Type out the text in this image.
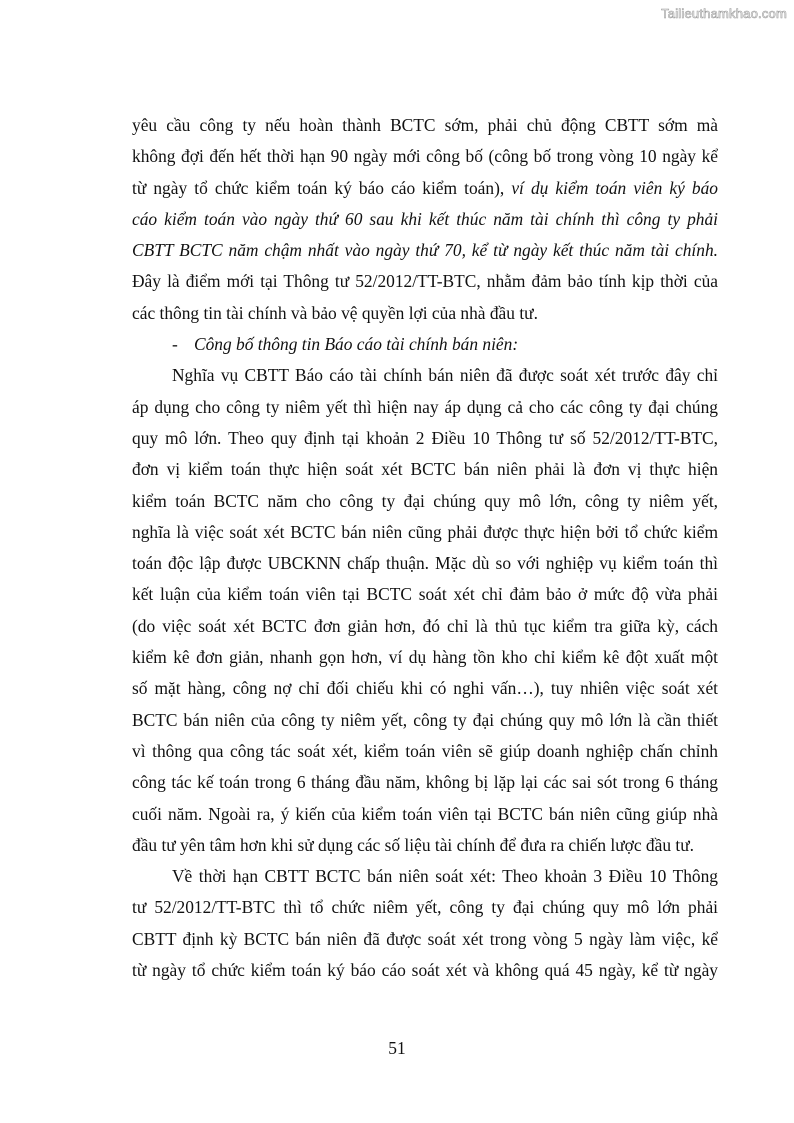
Tailieuthamkhao.com
yêu cầu công ty nếu hoàn thành BCTC sớm, phải chủ động CBTT sớm mà
không đợi đến hết thời hạn 90 ngày mới công bố (công bố trong vòng 10 ngày kể
từ ngày tổ chức kiểm toán ký báo cáo kiểm toán), ví dụ kiểm toán viên ký báo
cáo kiểm toán vào ngày thứ 60 sau khi kết thúc năm tài chính thì công ty phải
CBTT BCTC năm chậm nhất vào ngày thứ 70, kể từ ngày kết thúc năm tài chính.
Đây là điểm mới tại Thông tư 52/2012/TT-BTC, nhằm đảm bảo tính kịp thời của
các thông tin tài chính và bảo vệ quyền lợi của nhà đầu tư.
- Công bố thông tin Báo cáo tài chính bán niên:
Nghĩa vụ CBTT Báo cáo tài chính bán niên đã được soát xét trước đây chỉ
áp dụng cho công ty niêm yết thì hiện nay áp dụng cả cho các công ty đại chúng
quy mô lớn. Theo quy định tại khoản 2 Điều 10 Thông tư số 52/2012/TT-BTC,
đơn vị kiểm toán thực hiện soát xét BCTC bán niên phải là đơn vị thực hiện
kiểm toán BCTC năm cho công ty đại chúng quy mô lớn, công ty niêm yết,
nghĩa là việc soát xét BCTC bán niên cũng phải được thực hiện bởi tổ chức kiểm
toán độc lập được UBCKNN chấp thuận. Mặc dù so với nghiệp vụ kiểm toán thì
kết luận của kiểm toán viên tại BCTC soát xét chỉ đảm bảo ở mức độ vừa phải
(do việc soát xét BCTC đơn giản hơn, đó chỉ là thủ tục kiểm tra giữa kỳ, cách
kiểm kê đơn giản, nhanh gọn hơn, ví dụ hàng tồn kho chỉ kiểm kê đột xuất một
số mặt hàng, công nợ chỉ đối chiếu khi có nghi vấn…), tuy nhiên việc soát xét
BCTC bán niên của công ty niêm yết, công ty đại chúng quy mô lớn là cần thiết
vì thông qua công tác soát xét, kiểm toán viên sẽ giúp doanh nghiệp chấn chỉnh
công tác kế toán trong 6 tháng đầu năm, không bị lặp lại các sai sót trong 6 tháng
cuối năm. Ngoài ra, ý kiến của kiểm toán viên tại BCTC bán niên cũng giúp nhà
đầu tư yên tâm hơn khi sử dụng các số liệu tài chính để đưa ra chiến lược đầu tư.
Về thời hạn CBTT BCTC bán niên soát xét: Theo khoản 3 Điều 10 Thông
tư 52/2012/TT-BTC thì tổ chức niêm yết, công ty đại chúng quy mô lớn phải
CBTT định kỳ BCTC bán niên đã được soát xét trong vòng 5 ngày làm việc, kể
từ ngày tổ chức kiểm toán ký báo cáo soát xét và không quá 45 ngày, kể từ ngày
51
